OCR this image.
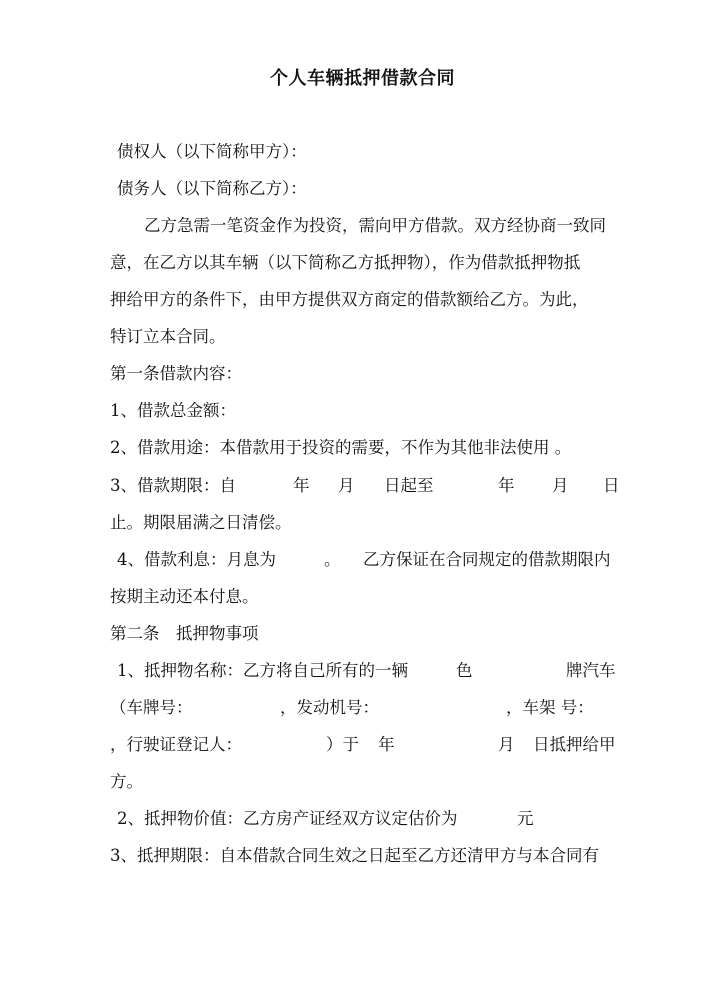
个人车辆抵押借款合同
债权人（以下简称甲方）：
债务人（以下简称乙方）：
乙方急需一笔资金作为投资，需向甲方借款。双方经协商一致同
意，在乙方以其车辆（以下简称乙方抵押物），作为借款抵押物抵
押给甲方的条件下，由甲方提供双方商定的借款额给乙方。为此，
特订立本合同。
第一条借款内容：
1、借款总金额：
2、借款用途：本借款用于投资的需要，不作为其他非法使用 。
3、借款期限：自	年 月 日起至	年 月 日
止。期限届满之日清偿。
4、借款利息：月息为	。 乙方保证在合同规定的借款期限内
按期主动还本付息。
第二条　抵押物事项
1、抵押物名称：乙方将自己所有的一辆	色	牌汽车
（车牌号：	，发动机号：	，车架 号：
，行驶证登记人：	）于 年	月 日抵押给甲
方。
2、抵押物价值：乙方房产证经双方议定估价为	元
3、抵押期限：自本借款合同生效之日起至乙方还清甲方与本合同有
